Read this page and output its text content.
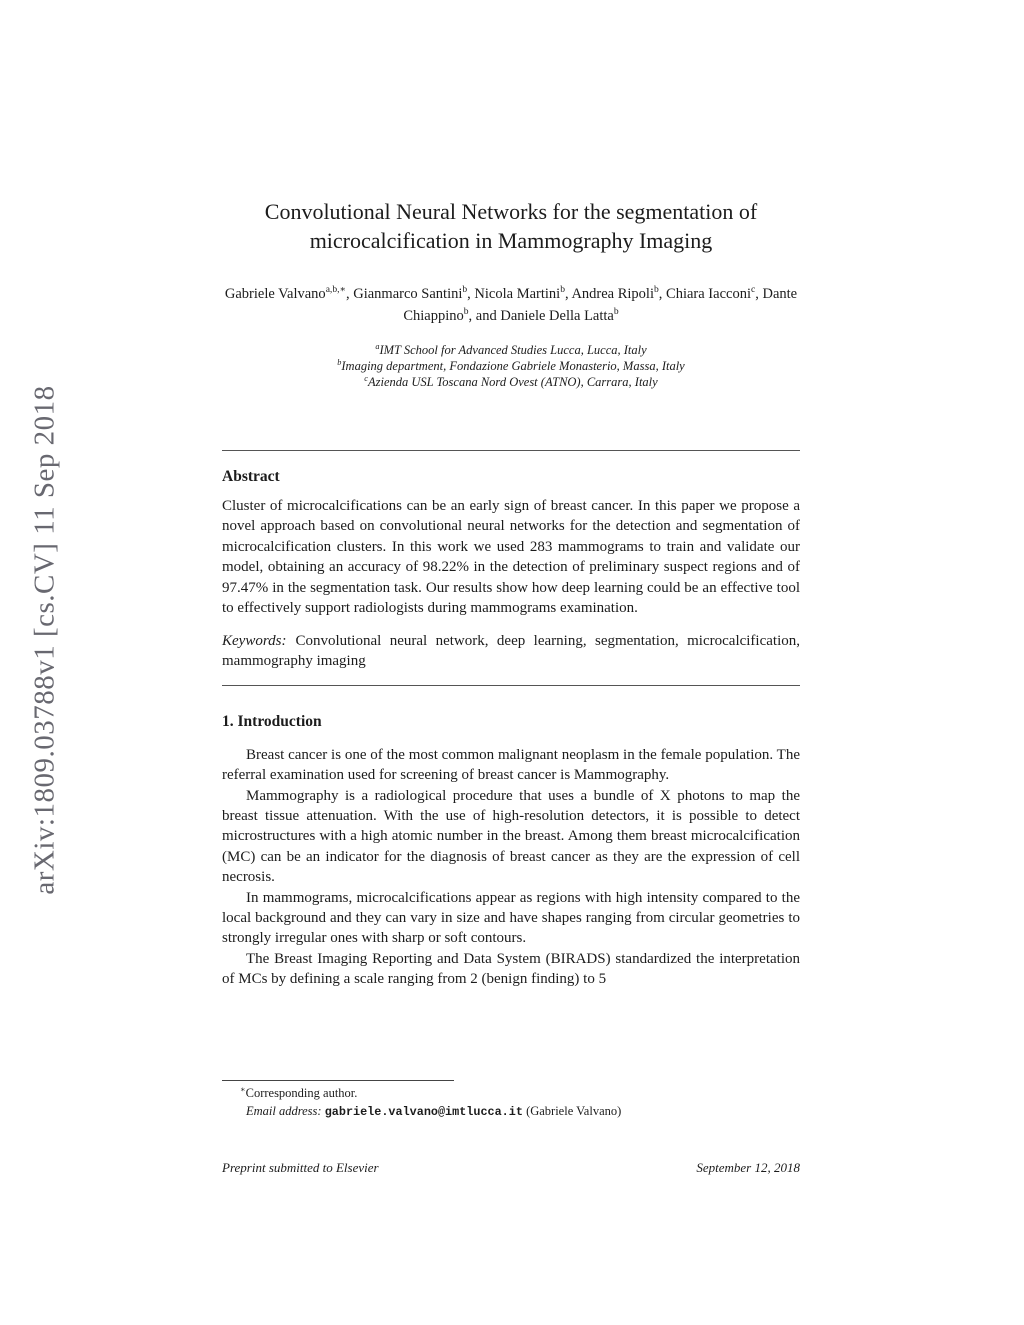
arXiv:1809.03788v1 [cs.CV] 11 Sep 2018
Convolutional Neural Networks for the segmentation of microcalcification in Mammography Imaging
Gabriele Valvano$^{a,b,∗}$, Gianmarco Santini$^b$, Nicola Martini$^b$, Andrea Ripoli$^b$, Chiara Iacconi$^c$, Dante Chiappino$^b$, and Daniele Della Latta$^b$
$^a$IMT School for Advanced Studies Lucca, Lucca, Italy
$^b$Imaging department, Fondazione Gabriele Monasterio, Massa, Italy
$^c$Azienda USL Toscana Nord Ovest (ATNO), Carrara, Italy
Abstract
Cluster of microcalcifications can be an early sign of breast cancer. In this paper we propose a novel approach based on convolutional neural networks for the detection and segmentation of microcalcification clusters. In this work we used 283 mammograms to train and validate our model, obtaining an accuracy of 98.22% in the detection of preliminary suspect regions and of 97.47% in the segmentation task. Our results show how deep learning could be an effective tool to effectively support radiologists during mammograms examination.
Keywords: Convolutional neural network, deep learning, segmentation, microcalcification, mammography imaging
1. Introduction

Breast cancer is one of the most common malignant neoplasm in the female population. The referral examination used for screening of breast cancer is Mammography.

Mammography is a radiological procedure that uses a bundle of X photons to map the breast tissue attenuation. With the use of high-resolution detectors, it is possible to detect microstructures with a high atomic number in the breast. Among them breast microcalcification (MC) can be an indicator for the diagnosis of breast cancer as they are the expression of cell necrosis.

In mammograms, microcalcifications appear as regions with high intensity compared to the local background and they can vary in size and have shapes ranging from circular geometries to strongly irregular ones with sharp or soft contours.

The Breast Imaging Reporting and Data System (BIRADS) standardized the interpretation of MCs by defining a scale ranging from 2 (benign finding) to 5

∗Corresponding author.
Email address: gabriele.valvano@imtlucca.it (Gabriele Valvano)
Preprint submitted to Elsevier	September 12, 2018
